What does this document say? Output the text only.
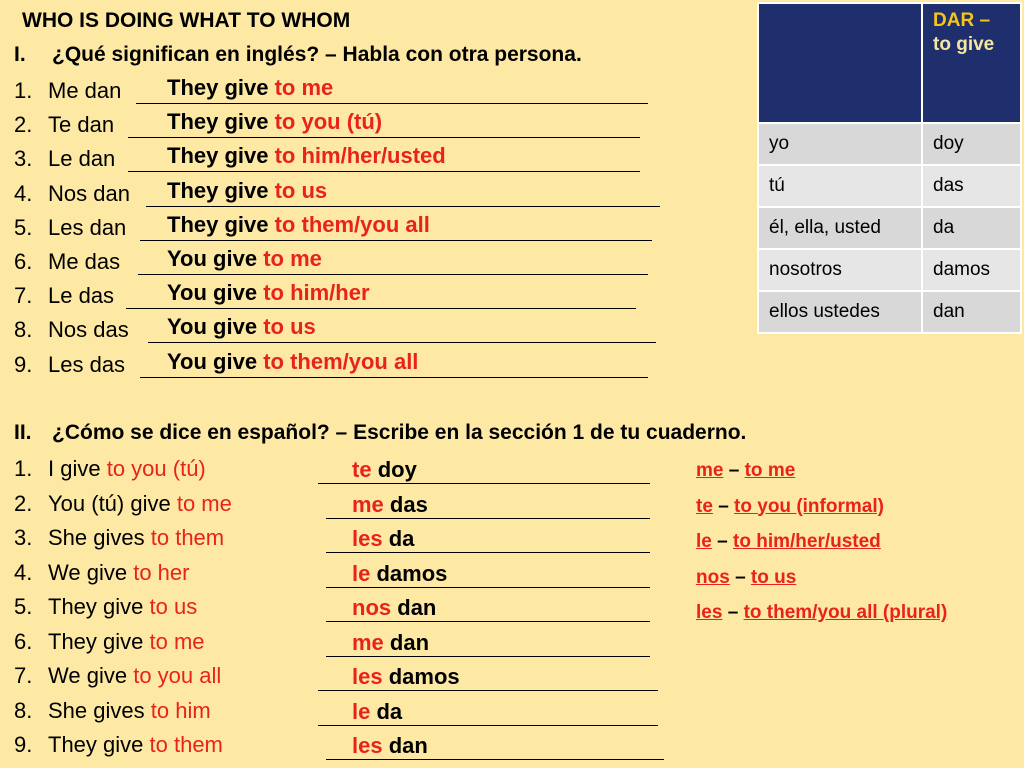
WHO IS DOING WHAT TO WHOM
I. ¿Qué significan en inglés? – Habla con otra persona.
1. Me dan They give to me
2. Te dan They give to you (tú)
3. Le dan They give to him/her/usted
4. Nos dan They give to us
5. Les dan They give to them/you all
6. Me das You give to me
7. Le das You give to him/her
8. Nos das You give to us
9. Les das You give to them/you all
II. ¿Cómo se dice en español? – Escribe en la sección 1 de tu cuaderno.
1. I give to you (tú)	te doy
2. You (tú) give to me	me das
3. She gives to them	les da
4. We give to her	le damos
5. They give to us	nos dan
6. They give to me	me dan
7. We give to you all	les damos
8. She gives to him	le da
9. They give to them	les dan
me – to me
te – to you (informal)
le – to him/her/usted
nos – to us
les – to them/you all (plural)

	DAR –
to give

yo	doy
tú	das
él, ella, usted	da
nosotros	damos
ellos ustedes	dan
